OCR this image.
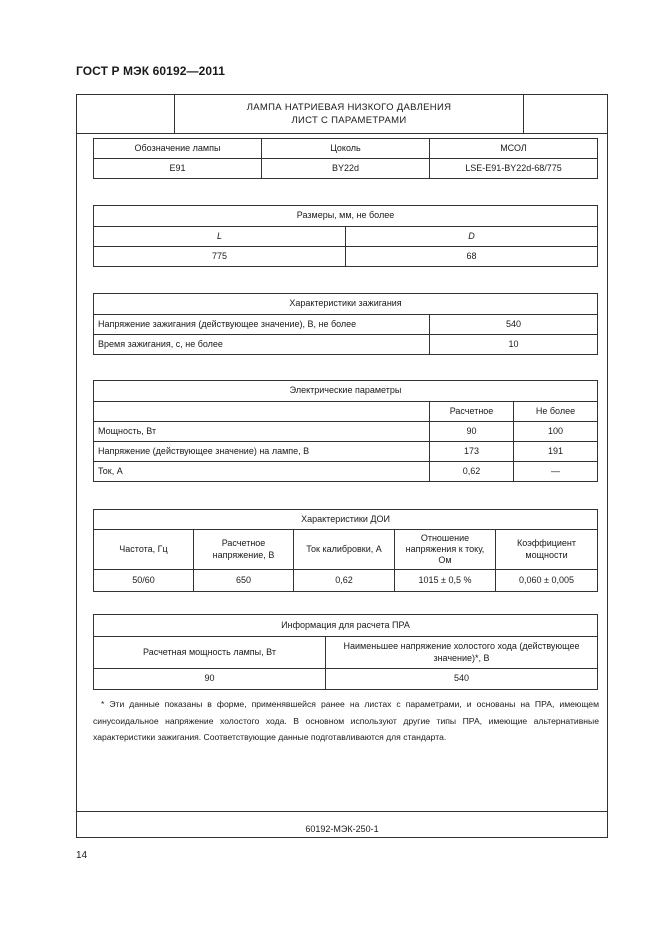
ГОСТ Р МЭК 60192—2011
ЛАМПА НАТРИЕВАЯ НИЗКОГО ДАВЛЕНИЯ
ЛИСТ С ПАРАМЕТРАМИ
Обозначение лампы	Цоколь	МСОЛ
E91	BY22d	LSE-E91-BY22d-68/775
Размеры, мм, не более	
L	D
775	68
Характеристики зажигания	
Напряжение зажигания (действующее значение), В, не более	540
Время зажигания, с, не более	10
Электрические параметры		
	Расчетное	Не более
Мощность, Вт	90	100
Напряжение (действующее значение) на лампе, В	173	191
Ток, А	0,62	—
Характеристики ДОИ				
Частота, Гц	Расчетное напряжение, В	Ток калибровки, А	Отношение напряжения к току, Ом	Коэффициент мощности
50/60	650	0,62	1015 ± 0,5 %	0,060 ± 0,005
Информация для расчета ПРА	
Расчетная мощность лампы, Вт	Наименьшее напряжение холостого хода (действующее значение)*, В
90	540
60192-МЭК-250-1
* Эти данные показаны в форме, применявшейся ранее на листах с параметрами, и основаны на ПРА, имеющем синусоидальное напряжение холостого хода. В основном используют другие типы ПРА, имеющие альтернативные характеристики зажигания. Соответствующие данные подготавливаются для стандарта.
14
